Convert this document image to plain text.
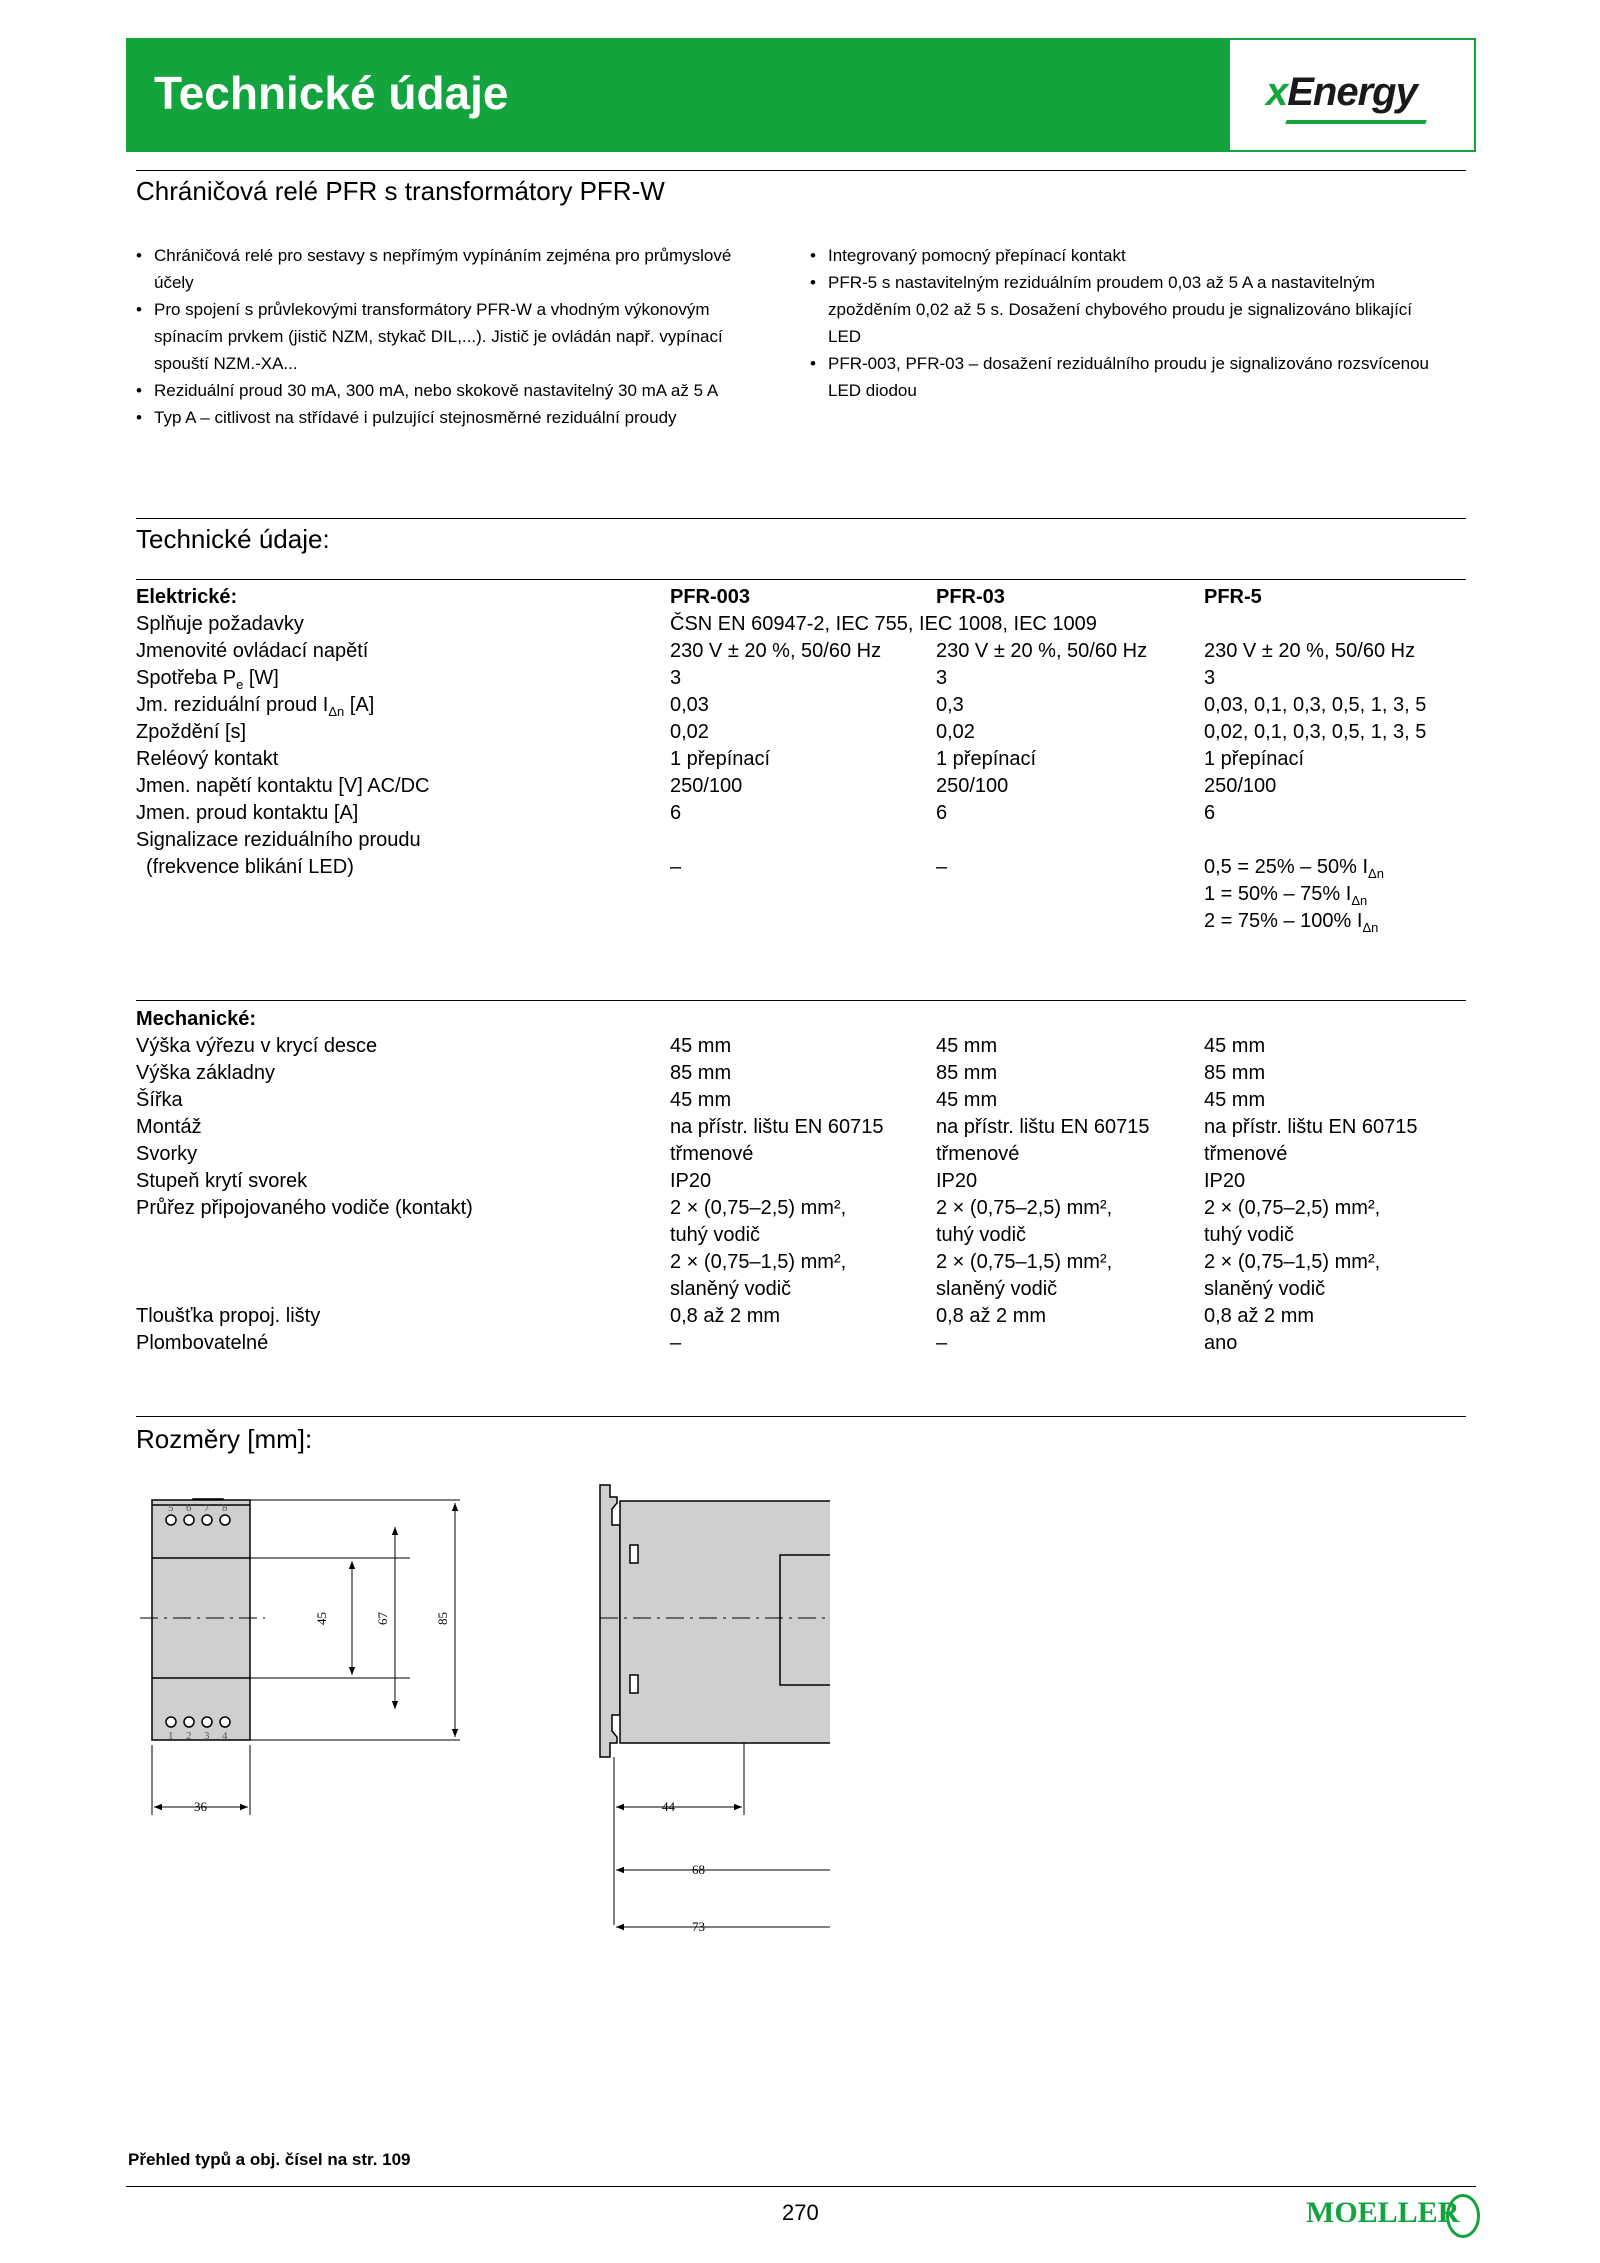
Technické údaje	xEnergy
Chráničová relé PFR s transformátory PFR-W
• Chráničová relé pro sestavy s nepřímým vypínáním zejména pro průmyslové
účely
• Pro spojení s průvlekovými transformátory PFR-W a vhodným výkonovým
spínacím prvkem (jistič NZM, stykač DIL,...). Jistič je ovládán např. vypínací
spouští NZM.-XA...
• Reziduální proud 30 mA, 300 mA, nebo skokově nastavitelný 30 mA až 5 A
• Typ A – citlivost na střídavé i pulzující stejnosměrné reziduální proudy
• Integrovaný pomocný přepínací kontakt
• PFR-5 s nastavitelným reziduálním proudem 0,03 až 5 A a nastavitelným
zpožděním 0,02 až 5 s. Dosažení chybového proudu je signalizováno blikající
LED
• PFR-003, PFR-03 – dosažení reziduálního proudu je signalizováno rozsvícenou
LED diodou
Technické údaje:
Elektrické:	PFR-003	PFR-03	PFR-5
Splňuje požadavky	ČSN EN 60947-2, IEC 755, IEC 1008, IEC 1009
Jmenovité ovládací napětí	230 V ± 20 %, 50/60 Hz	230 V ± 20 %, 50/60 Hz	230 V ± 20 %, 50/60 Hz
Spotřeba $P_e$ [W]	3	3	3
Jm. reziduální proud $I_{\Delta n}$ [A]	0,03	0,3	0,03, 0,1, 0,3, 0,5, 1, 3, 5
Zpoždění [s]	0,02	0,02	0,02, 0,1, 0,3, 0,5, 1, 3, 5
Reléový kontakt	1 přepínací	1 přepínací	1 přepínací
Jmen. napětí kontaktu [V] AC/DC	250/100	250/100	250/100
Jmen. proud kontaktu [A]	6	6	6
Signalizace reziduálního proudu
(frekvence blikání LED)	–	–	0,5 = 25% – 50% $I_{\Delta n}$
1 = 50% – 75% $I_{\Delta n}$
2 = 75% – 100% $I_{\Delta n}$
Mechanické:
Výška výřezu v krycí desce	45 mm	45 mm	45 mm
Výška základny	85 mm	85 mm	85 mm
Šířka	45 mm	45 mm	45 mm
Montáž	na přístr. lištu EN 60715	na přístr. lištu EN 60715	na přístr. lištu EN 60715
Svorky	třmenové	třmenové	třmenové
Stupeň krytí svorek	IP20	IP20	IP20
Průřez připojovaného vodiče (kontakt)	2 × (0,75–2,5) mm²,	2 × (0,75–2,5) mm²,	2 × (0,75–2,5) mm²,
tuhý vodič	tuhý vodič	tuhý vodič
2 × (0,75–1,5) mm²,	2 × (0,75–1,5) mm²,	2 × (0,75–1,5) mm²,
slaněný vodič	slaněný vodič	slaněný vodič
Tloušťka propoj. lišty	0,8 až 2 mm	0,8 až 2 mm	0,8 až 2 mm
Plombovatelné	–	–	ano
Rozměry [mm]:
5 6 7 8
1 2 3 4
45	67	85
36	44
68
73
Přehled typů a obj. čísel na str. 109
270	MOELLER
